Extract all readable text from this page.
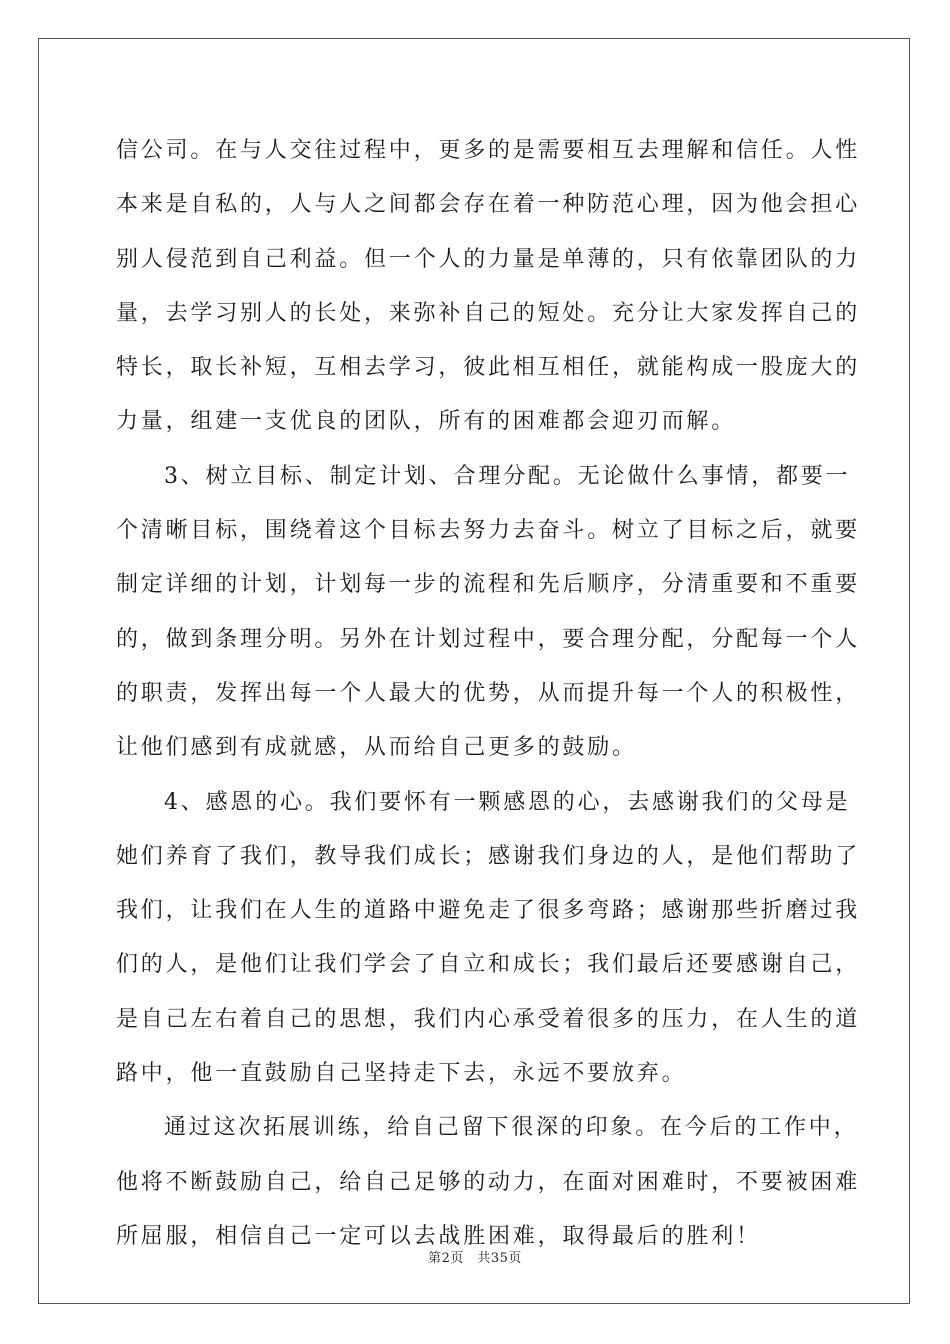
信公司。在与人交往过程中，更多的是需要相互去理解和信任。人性
本来是自私的，人与人之间都会存在着一种防范心理，因为他会担心
别人侵范到自己利益。但一个人的力量是单薄的，只有依靠团队的力
量，去学习别人的长处，来弥补自己的短处。充分让大家发挥自己的
特长，取长补短，互相去学习，彼此相互相任，就能构成一股庞大的
力量，组建一支优良的团队，所有的困难都会迎刃而解。
3、树立目标、制定计划、合理分配。无论做什么事情，都要一
个清晰目标，围绕着这个目标去努力去奋斗。树立了目标之后，就要
制定详细的计划，计划每一步的流程和先后顺序，分清重要和不重要
的，做到条理分明。另外在计划过程中，要合理分配，分配每一个人
的职责，发挥出每一个人最大的优势，从而提升每一个人的积极性，
让他们感到有成就感，从而给自己更多的鼓励。
4、感恩的心。我们要怀有一颗感恩的心，去感谢我们的父母是
她们养育了我们，教导我们成长；感谢我们身边的人，是他们帮助了
我们，让我们在人生的道路中避免走了很多弯路；感谢那些折磨过我
们的人，是他们让我们学会了自立和成长；我们最后还要感谢自己，
是自己左右着自己的思想，我们内心承受着很多的压力，在人生的道
路中，他一直鼓励自己坚持走下去，永远不要放弃。
通过这次拓展训练，给自己留下很深的印象。在今后的工作中，
他将不断鼓励自己，给自己足够的动力，在面对困难时，不要被困难
所屈服，相信自己一定可以去战胜困难，取得最后的胜利！
第2页　共35页
